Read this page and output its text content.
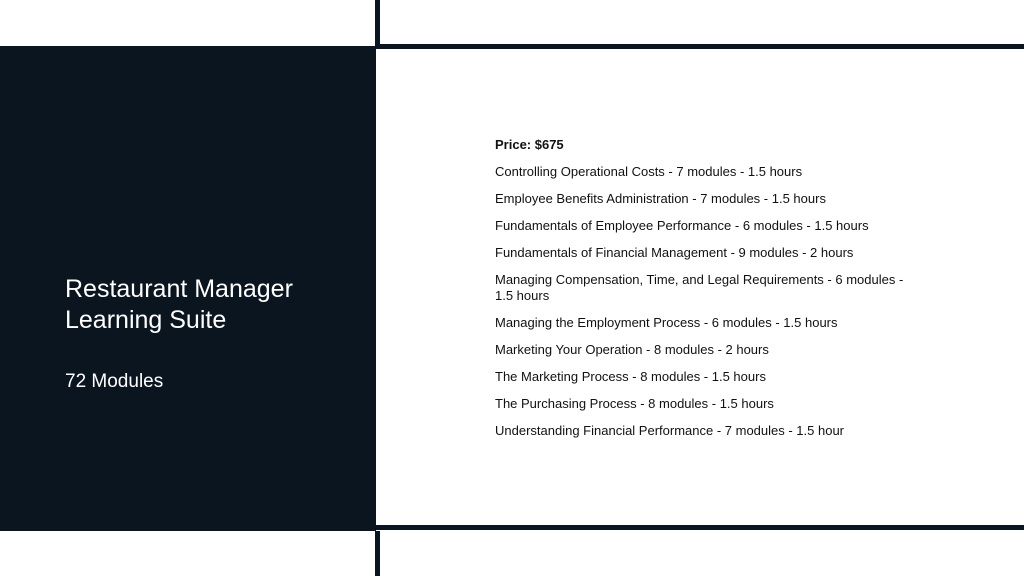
Restaurant Manager Learning Suite

72 Modules

Price: $675

Controlling Operational Costs - 7 modules - 1.5 hours
Employee Benefits Administration - 7 modules - 1.5 hours
Fundamentals of Employee Performance - 6 modules - 1.5 hours
Fundamentals of Financial Management - 9 modules - 2 hours
Managing Compensation, Time, and Legal Requirements - 6 modules - 1.5 hours
Managing the Employment Process - 6 modules - 1.5 hours
Marketing Your Operation - 8 modules - 2 hours
The Marketing Process - 8 modules - 1.5 hours
The Purchasing Process - 8 modules - 1.5 hours
Understanding Financial Performance - 7 modules - 1.5 hour
